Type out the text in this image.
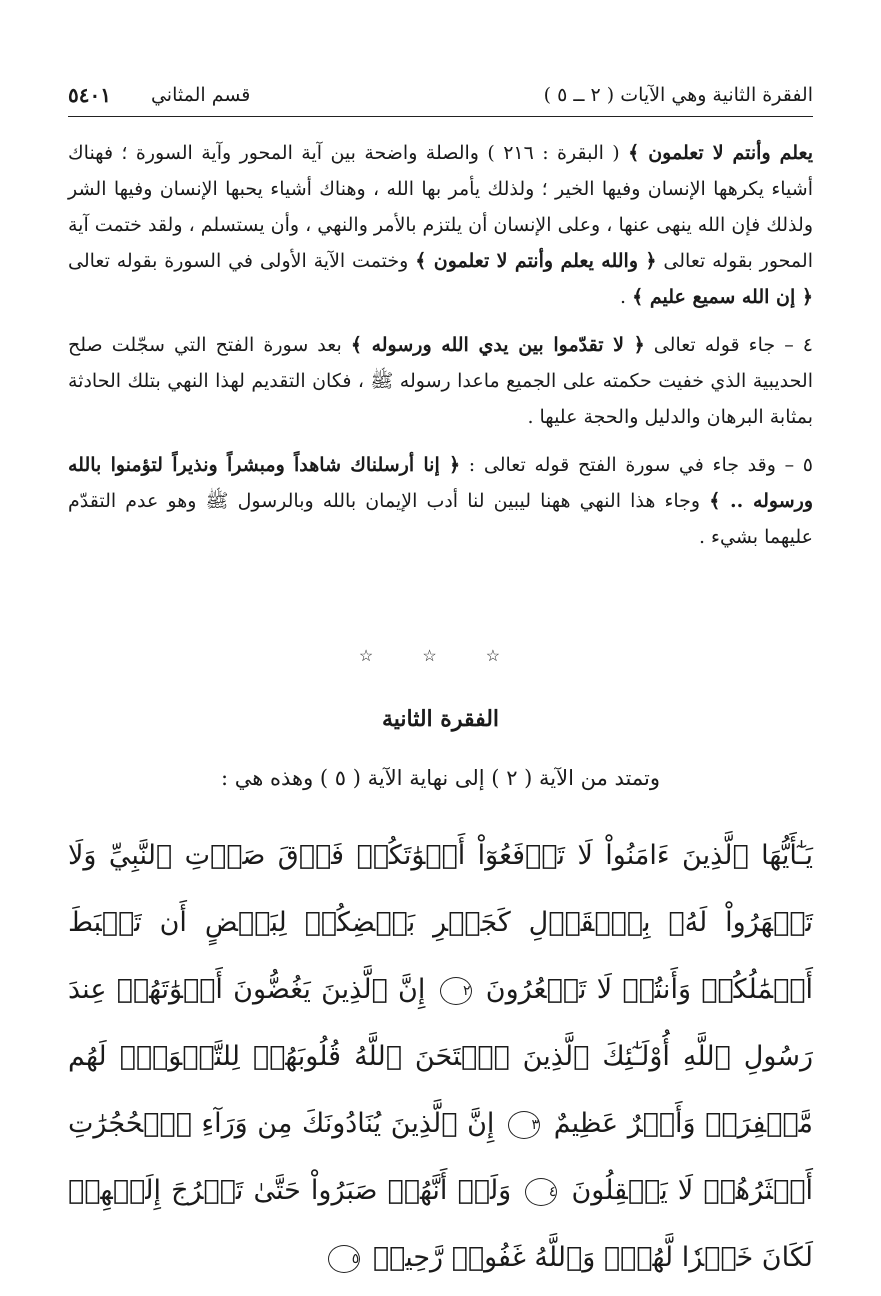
الفقرة الثانية وهي الآيات ( ٢ ــ ٥ )
قسم المثاني
٥٤٠١

يعلم وأنتم لا تعلمون ﴾ ( البقرة : ٢١٦ ) والصلة واضحة بين آية المحور وآية السورة ؛ فهناك أشياء يكرهها الإنسان وفيها الخير ؛ ولذلك يأمر بها الله ، وهناك أشياء يحبها الإنسان وفيها الشر ولذلك فإن الله ينهى عنها ، وعلى الإنسان أن يلتزم بالأمر والنهي ، وأن يستسلم ، ولقد ختمت آية المحور بقوله تعالى ﴿ والله يعلم وأنتم لا تعلمون ﴾ وختمت الآية الأولى في السورة بقوله تعالى ﴿ إن الله سميع عليم ﴾ .

٤ – جاء قوله تعالى ﴿ لا تقدّموا بين يدي الله ورسوله ﴾ بعد سورة الفتح التي سجّلت صلح الحديبية الذي خفيت حكمته على الجميع ماعدا رسوله ﷺ ، فكان التقديم لهذا النهي بتلك الحادثة بمثابة البرهان والدليل والحجة عليها .

٥ – وقد جاء في سورة الفتح قوله تعالى : ﴿ إنا أرسلناك شاهداً ومبشراً ونذيراً لتؤمنوا بالله ورسوله .. ﴾ وجاء هذا النهي ههنا ليبين لنا أدب الإيمان بالله وبالرسول ﷺ وهو عدم التقدّم عليهما بشيء .

☆ ☆ ☆
الفقرة الثانية
وتمتد من الآية ( ٢ ) إلى نهاية الآية ( ٥ ) وهذه هي :
يَـٰٓأَيُّهَا ٱلَّذِينَ ءَامَنُواْ لَا تَرۡفَعُوٓاْ أَصۡوَٰتَكُمۡ فَوۡقَ صَوۡتِ ٱلنَّبِيِّ وَلَا تَجۡهَرُواْ لَهُۥ بِٱلۡقَوۡلِ كَجَهۡرِ بَعۡضِكُمۡ لِبَعۡضٍ أَن تَحۡبَطَ أَعۡمَٰلُكُمۡ وَأَنتُمۡ لَا تَشۡعُرُونَ ٢ إِنَّ ٱلَّذِينَ يَغُضُّونَ أَصۡوَٰتَهُمۡ عِندَ رَسُولِ ٱللَّهِ أُوْلَـٰٓئِكَ ٱلَّذِينَ ٱمۡتَحَنَ ٱللَّهُ قُلُوبَهُمۡ لِلتَّقۡوَىٰۚ لَهُم مَّغۡفِرَةٞ وَأَجۡرٌ عَظِيمٌ ٣ إِنَّ ٱلَّذِينَ يُنَادُونَكَ مِن وَرَآءِ ٱلۡحُجُرَٰتِ أَكۡثَرُهُمۡ لَا يَعۡقِلُونَ ٤ وَلَوۡ أَنَّهُمۡ صَبَرُواْ حَتَّىٰ تَخۡرُجَ إِلَيۡهِمۡ لَكَانَ خَيۡرٗا لَّهُمۡۚ وَٱللَّهُ غَفُورٞ رَّحِيمٞ ٥
